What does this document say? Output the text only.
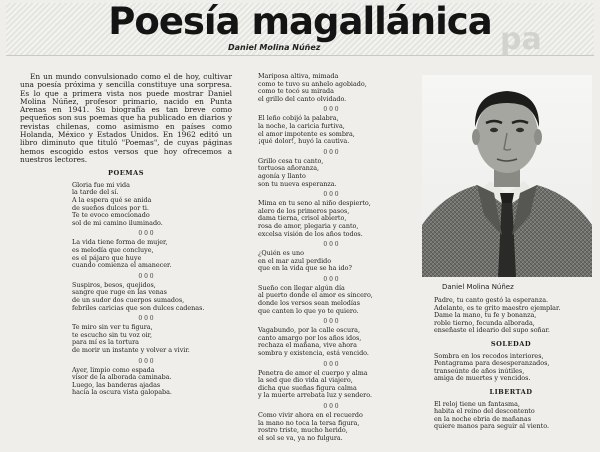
pa
Poesía magallánica
Daniel Molina Núñez

En un mundo convulsionado como el de hoy, cultivar una poesía próxima y sencilla constituye una sorpresa. Es lo que a primera vista nos puede mostrar Daniel Molina Núñez, profesor primario, nacido en Punta Arenas en 1941. Su biografía es tan breve como pequeños son sus poemas que ha publicado en diarios y revistas chilenas, como asimismo en países como Holanda, México y Estados Unidos. En 1962 editó un libro diminuto que tituló "Poemas", de cuyas páginas hemos escogido estos versos que hoy ofrecemos a nuestros lectores.

POEMAS
Gloria fue mi vida
la tarde del sí.
A la espera qué se anida
de sueños dulces por ti.
Te te evoco emocionado
sol de mi camino iluminado.
0 0 0
La vida tiene forma de mujer,
es melodía que concluye,
es el pájaro que huye
cuando comienza el amanecer.
0 0 0
Suspiros, besos, quejidos,
sangre que ruge en las venas
de un sudor dos cuerpos sumados,
febriles caricias que son dulces cadenas.
0 0 0
Te miro sin ver tu figura,
te escucho sin tu voz oir,
para mí es la tortura
de morir un instante y volver a vivir.
0 0 0
Ayer, limpio como espada
visor de la alborada caminaba.
Luego, las banderas ajadas
hacia la oscura vista galopaba.
Mariposa altiva, mimada
como te tuvo su anhelo agobiado,
como te tocó su mirada
el grillo del canto olvidado.
0 0 0
El leño cobijó la palabra,
la noche, la caricia furtiva,
el amor impotente es sombra,
¡qué dolor!, huyó la cautiva.
0 0 0
Grillo cesa tu canto,
tortuosa añoranza,
agonía y llanto
son tu nueva esperanza.
0 0 0
Mima en tu seno al niño despierto,
alero de los primeros pasos,
dama tierna, crisol abierto,
rosa de amor, plegaria y canto,
excelsa visión de los años todos.
0 0 0
¿Quién es uno
en el mar azul perdido
que en la vida que se ha ido?
0 0 0
Sueño con llegar algún día
al puerto donde el amor es sincero,
donde los versos sean melodías
que canten lo que yo te quiero.
0 0 0
Vagabundo, por la calle oscura,
canto amargo por los años idos,
rechaza el mañana, vive ahora
sombra y existencia, está vencido.
0 0 0
Penetra de amor el cuerpo y alma
la sed que dio vida al viajero,
dicha que sueñas figura calma
y la muerte arrebata luz y sendero.
0 0 0
Como vivir ahora en el recuerdo
la mano no toca la tersa figura,
rostro triste, mucho herido,
el sol se va, ya no fulgura.
Daniel Molina Núñez
Padre, tu canto gestó la esperanza.
Adelante, es te grito maestro ejemplar.
Dame la mano, tu fe y bonanza,
roble tierno, fecunda alborada,
enseñaste el ideario del supo soñar.
SOLEDAD
Sombra en los recodos interiores,
Pentagrama para desesperanzados,
transeúnte de años inútiles,
amiga de muertes y vencidos.
LIBERTAD
El reloj tiene un fantasma,
habita el reino del descontento
en la noche ebria de mañanas
quiere manos para seguir al viento.
